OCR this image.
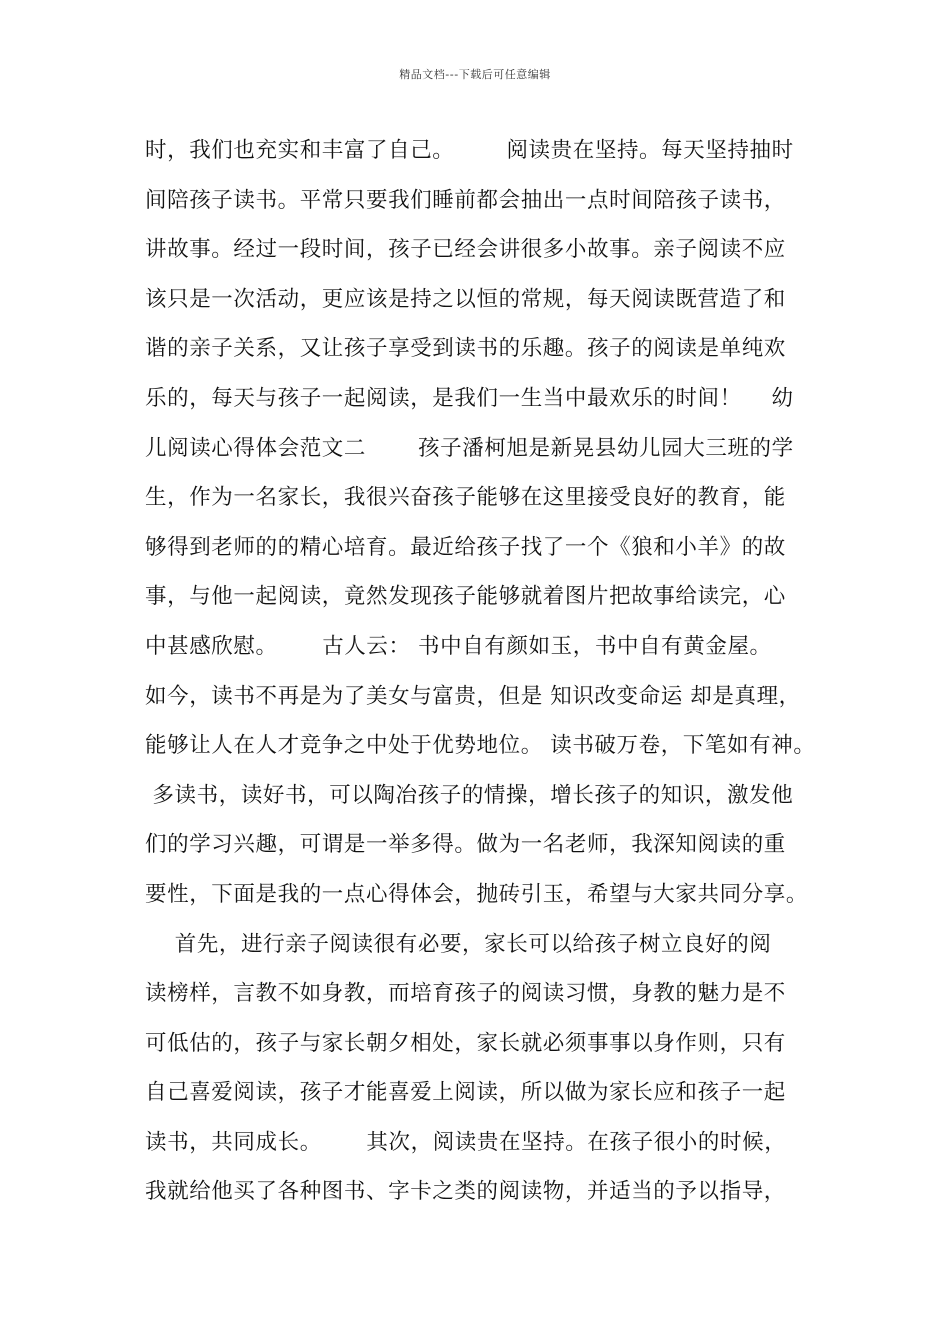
精品文档---下载后可任意编辑
时，我们也充实和丰富了自己。       阅读贵在坚持。每天坚持抽时
间陪孩子读书。平常只要我们睡前都会抽出一点时间陪孩子读书，
讲故事。经过一段时间，孩子已经会讲很多小故事。亲子阅读不应
该只是一次活动，更应该是持之以恒的常规，每天阅读既营造了和
谐的亲子关系，又让孩子享受到读书的乐趣。孩子的阅读是单纯欢
乐的，每天与孩子一起阅读，是我们一生当中最欢乐的时间！    幼
儿阅读心得体会范文二       孩子潘柯旭是新晃县幼儿园大三班的学
生，作为一名家长，我很兴奋孩子能够在这里接受良好的教育，能
够得到老师的的精心培育。最近给孩子找了一个《狼和小羊》的故
事，与他一起阅读，竟然发现孩子能够就着图片把故事给读完，心
中甚感欣慰。      古人云： 书中自有颜如玉，书中自有黄金屋。
如今，读书不再是为了美女与富贵，但是 知识改变命运 却是真理，
能够让人在人才竞争之中处于优势地位。 读书破万卷，下笔如有神。
多读书，读好书，可以陶冶孩子的情操，增长孩子的知识，激发他
们的学习兴趣，可谓是一举多得。做为一名老师，我深知阅读的重
要性，下面是我的一点心得体会，抛砖引玉，希望与大家共同分享。
首先，进行亲子阅读很有必要，家长可以给孩子树立良好的阅
读榜样，言教不如身教，而培育孩子的阅读习惯，身教的魅力是不
可低估的，孩子与家长朝夕相处，家长就必须事事以身作则，只有
自己喜爱阅读，孩子才能喜爱上阅读，所以做为家长应和孩子一起
读书，共同成长。      其次，阅读贵在坚持。在孩子很小的时候，
我就给他买了各种图书、字卡之类的阅读物，并适当的予以指导，
